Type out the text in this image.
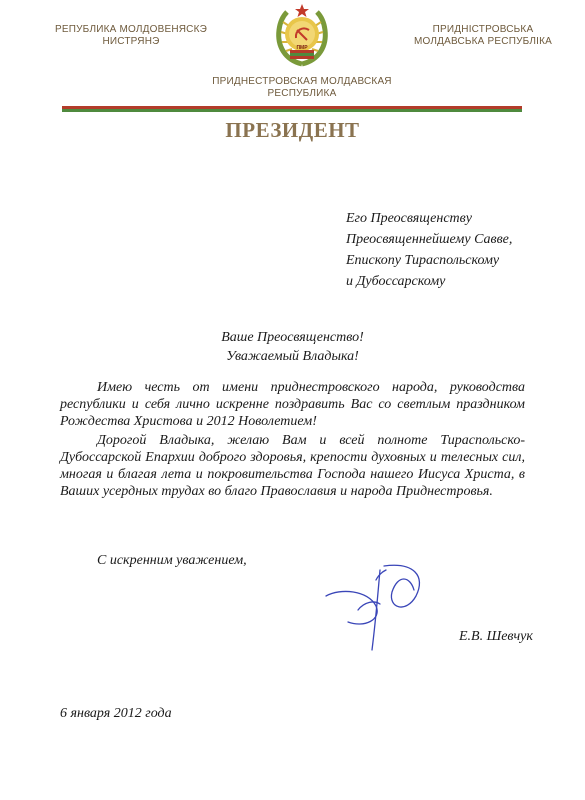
РЕПУБЛИКА МОЛДОВЕНЯСКЭ
НИСТРЯНЭ
ПМР
ПРИДНІСТРОВСЬКА
МОЛДАВСЬКА РЕСПУБЛІКА
ПРИДНЕСТРОВСКАЯ МОЛДАВСКАЯ
РЕСПУБЛИКА
ПРЕЗИДЕНТ
Его Преосвященству
Преосвященнейшему Савве,
Епископу Тираспольскому
и Дубоссарскому
Ваше Преосвященство!
Уважаемый Владыка!

Имею честь от имени приднестровского народа, руководства республики и себя лично искренне поздравить Вас со светлым праздником Рождества Христова и 2012 Новолетием!

Дорогой Владыка, желаю Вам и всей полноте Тираспольско-Дубоссарской Епархии доброго здоровья, крепости духовных и телесных сил, многая и благая лета и покровительства Господа нашего Иисуса Христа, в Ваших усердных трудах во благо Православия и народа Приднестровья.

С искренним уважением,
Е.В. Шевчук
6 января 2012 года
